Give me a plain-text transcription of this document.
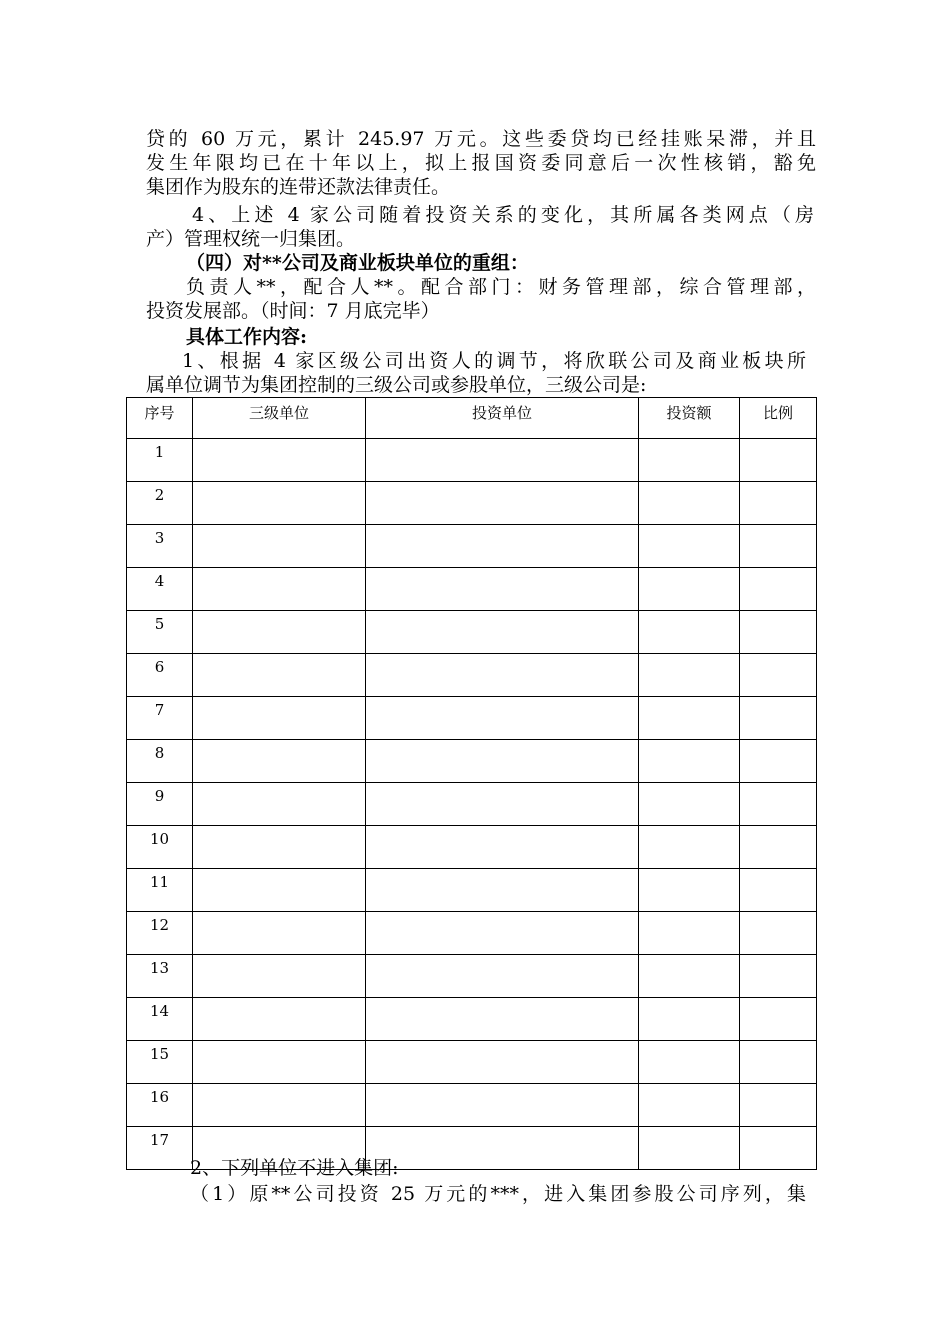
贷的 60 万元，累计 245.97 万元。这些委贷均已经挂账呆滞，并且
发生年限均已在十年以上，拟上报国资委同意后一次性核销，豁免
集团作为股东的连带还款法律责任。
4、上述 4 家公司随着投资关系的变化，其所属各类网点（房
产）管理权统一归集团。
（四）对**公司及商业板块单位的重组：
负责人**，配合人**。配合部门：财务管理部，综合管理部，
投资发展部。（时间：7 月底完毕）
具体工作内容:
1、根据 4 家区级公司出资人的调节，将欣联公司及商业板块所
属单位调节为集团控制的三级公司或参股单位，三级公司是:
序号	三级单位	投资单位	投资额	比例
1				
2				
3				
4				
5				
6				
7				
8				
9				
10				
11				
12				
13				
14				
15				
16				
17				
2、下列单位不进入集团:
（1）原**公司投资 25 万元的***，进入集团参股公司序列，集
